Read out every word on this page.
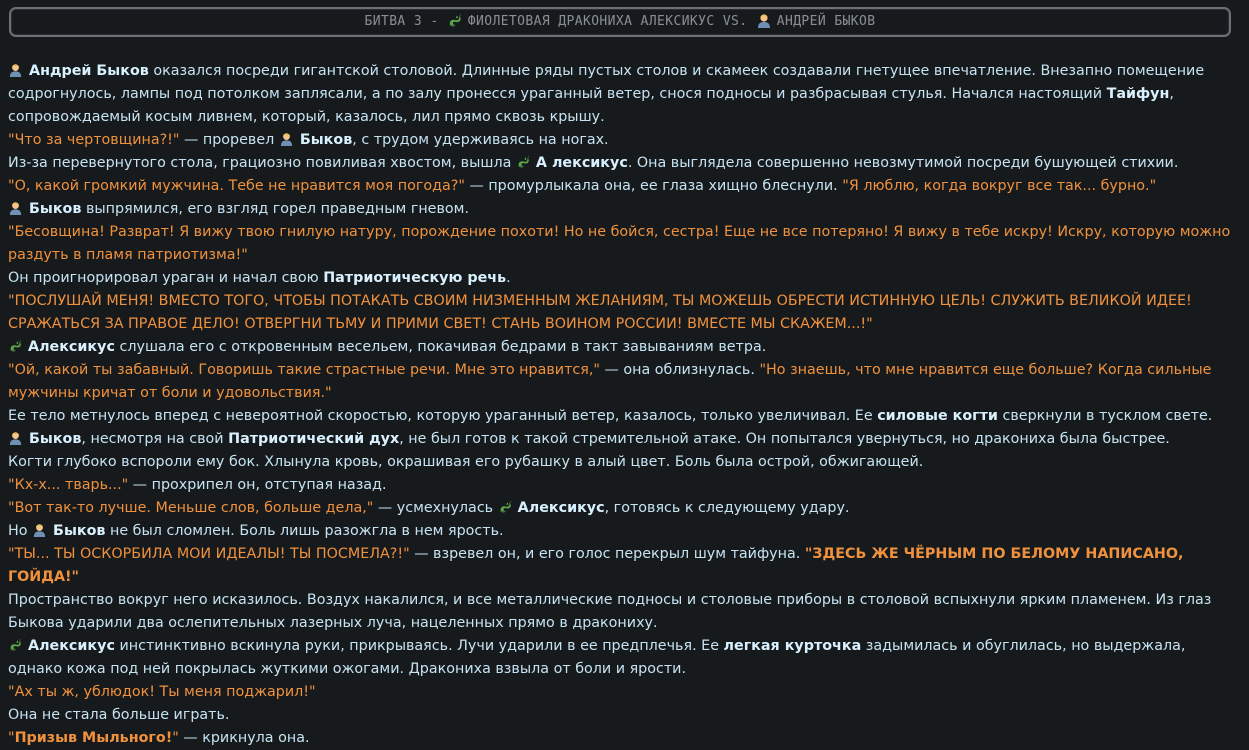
БИТВА 3 - ФИОЛЕТОВАЯ ДРАКОНИХА АЛЕКСИКУС VS. АНДРЕЙ БЫКОВ

Андрей Быков оказался посреди гигантской столовой. Длинные ряды пустых столов и скамеек создавали гнетущее впечатление. Внезапно помещение содрогнулось, лампы под потолком заплясали, а по залу пронесся ураганный ветер, снося подносы и разбрасывая стулья. Начался настоящий Тайфун, сопровождаемый косым ливнем, который, казалось, лил прямо сквозь крышу.

"Что за чертовщина?!" — проревел Быков, с трудом удерживаясь на ногах.

Из-за перевернутого стола, грациозно повиливая хвостом, вышла А лексикус. Она выглядела совершенно невозмутимой посреди бушующей стихии.

"О, какой громкий мужчина. Тебе не нравится моя погода?" — промурлыкала она, ее глаза хищно блеснули. "Я люблю, когда вокруг все так... бурно."

Быков выпрямился, его взгляд горел праведным гневом.

"Бесовщина! Разврат! Я вижу твою гнилую натуру, порождение похоти! Но не бойся, сестра! Еще не все потеряно! Я вижу в тебе искру! Искру, которую можно раздуть в пламя патриотизма!"

Он проигнорировал ураган и начал свою Патриотическую речь.

"ПОСЛУШАЙ МЕНЯ! ВМЕСТО ТОГО, ЧТОБЫ ПОТАКАТЬ СВОИМ НИЗМЕННЫМ ЖЕЛАНИЯМ, ТЫ МОЖЕШЬ ОБРЕСТИ ИСТИННУЮ ЦЕЛЬ! СЛУЖИТЬ ВЕЛИКОЙ ИДЕЕ! СРАЖАТЬСЯ ЗА ПРАВОЕ ДЕЛО! ОТВЕРГНИ ТЬМУ И ПРИМИ СВЕТ! СТАНЬ ВОИНОМ РОССИИ! ВМЕСТЕ МЫ СКАЖЕМ...!"

Алексикус слушала его с откровенным весельем, покачивая бедрами в такт завываниям ветра.

"Ой, какой ты забавный. Говоришь такие страстные речи. Мне это нравится," — она облизнулась. "Но знаешь, что мне нравится еще больше? Когда сильные мужчины кричат от боли и удовольствия."

Ее тело метнулось вперед с невероятной скоростью, которую ураганный ветер, казалось, только увеличивал. Ее силовые когти сверкнули в тусклом свете. Быков, несмотря на свой Патриотический дух, не был готов к такой стремительной атаке. Он попытался увернуться, но дракониха была быстрее.

Когти глубоко вспороли ему бок. Хлынула кровь, окрашивая его рубашку в алый цвет. Боль была острой, обжигающей.

"Кх-х... тварь..." — прохрипел он, отступая назад.

"Вот так-то лучше. Меньше слов, больше дела," — усмехнулась Алексикус, готовясь к следующему удару.

Но Быков не был сломлен. Боль лишь разожгла в нем ярость.

"ТЫ... ТЫ ОСКОРБИЛА МОИ ИДЕАЛЫ! ТЫ ПОСМЕЛА?!" — взревел он, и его голос перекрыл шум тайфуна. "ЗДЕСЬ ЖЕ ЧЁРНЫМ ПО БЕЛОМУ НАПИСАНО, ГОЙДА!"

Пространство вокруг него исказилось. Воздух накалился, и все металлические подносы и столовые приборы в столовой вспыхнули ярким пламенем. Из глаз Быкова ударили два ослепительных лазерных луча, нацеленных прямо в дракониху.

Алексикус инстинктивно вскинула руки, прикрываясь. Лучи ударили в ее предплечья. Ее легкая курточка задымилась и обуглилась, но выдержала, однако кожа под ней покрылась жуткими ожогами. Дракониха взвыла от боли и ярости.

"Ах ты ж, ублюдок! Ты меня поджарил!"

Она не стала больше играть.

"Призыв Мыльного!" — крикнула она.
